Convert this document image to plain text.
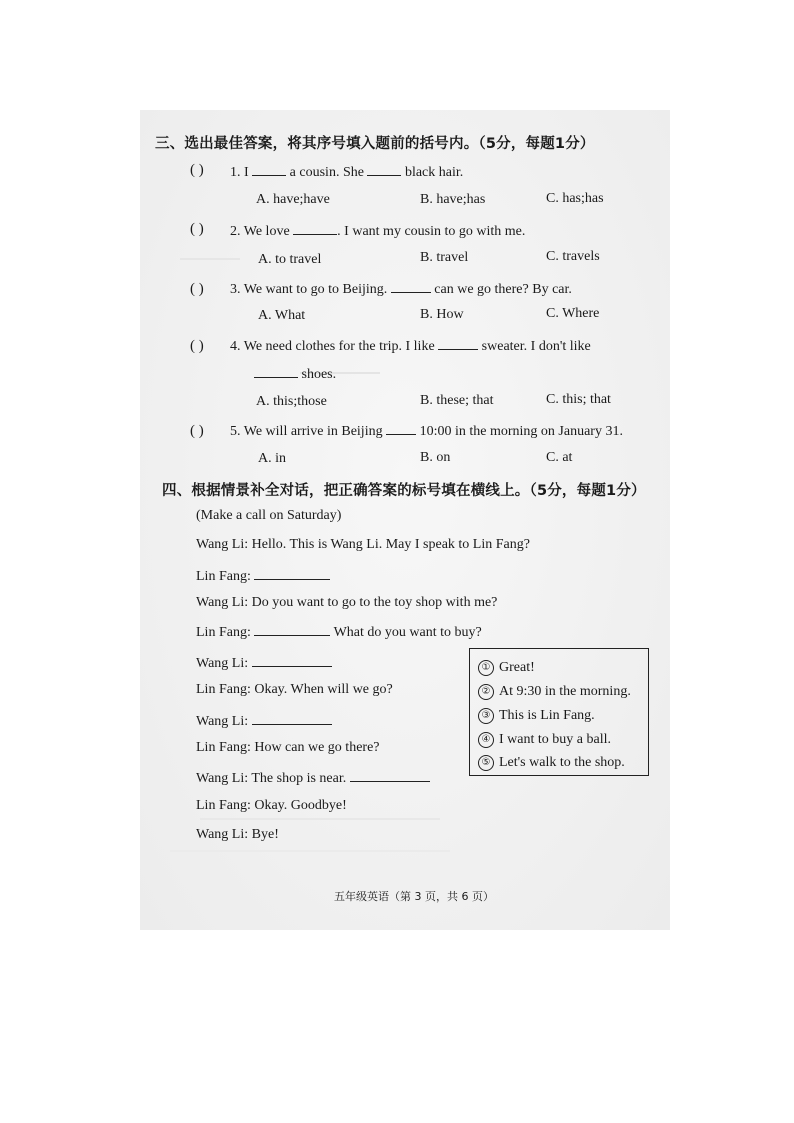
三、选出最佳答案，将其序号填入题前的括号内。（5分，每题1分）
( ) 1. I  a cousin. She  black hair.
A. have;have	B. have;has	C. has;has
( ) 2. We love	. I want my cousin to go with me.
A. to travel	B. travel	C. travels
( ) 3. We want to go to Beijing.	can we go there? By car.
A. What	B. How	C. Where
( ) 4. We need clothes for the trip. I like	sweater. I don't like
shoes.
A. this;those	B. these; that	C. this; that
( ) 5. We will arrive in Beijing  10:00 in the morning on January 31.
A. in	B. on	C. at
四、根据情景补全对话，把正确答案的标号填在横线上。（5分，每题1分）
(Make a call on Saturday)
Wang Li: Hello. This is Wang Li. May I speak to Lin Fang?
Lin Fang:
Wang Li: Do you want to go to the toy shop with me?
Lin Fang:	What do you want to buy?
Wang Li:
Lin Fang: Okay. When will we go?
Wang Li:
Lin Fang: How can we go there?
Wang Li: The shop is near.
Lin Fang: Okay. Goodbye!
Wang Li: Bye!
① Great!
② At 9:30 in the morning.
③ This is Lin Fang.
④ I want to buy a ball.
⑤ Let's walk to the shop.
五年级英语（第 3 页，共 6 页）
